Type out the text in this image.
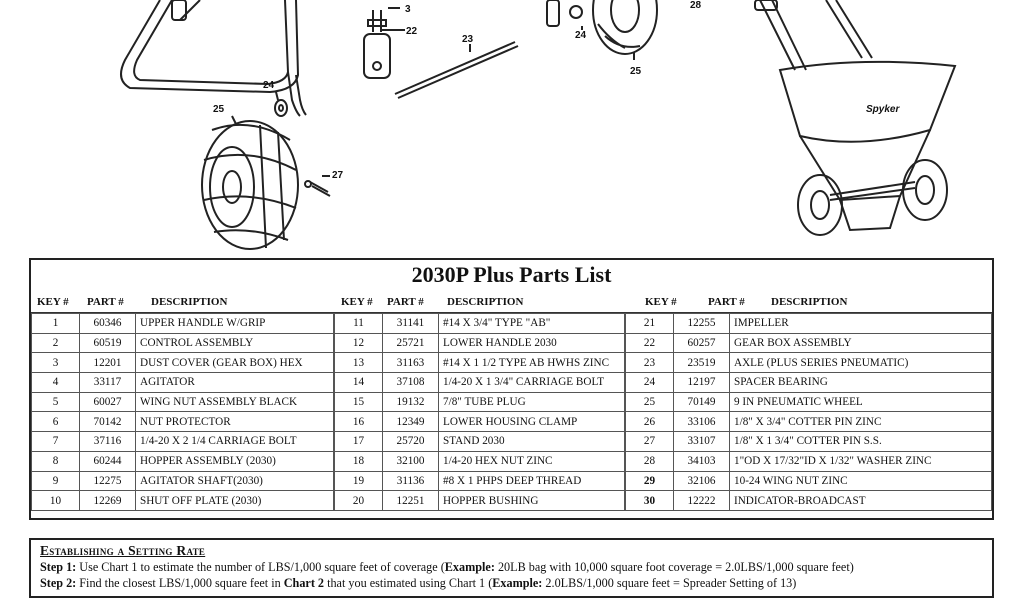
Spyker
3
22
23	24
24
25
25
27
28
2030P Plus Parts List
KEY # PART # DESCRIPTION	KEY # PART # DESCRIPTION	KEY #	PART # DESCRIPTION
1	60346	UPPER HANDLE W/GRIP
2	60519	CONTROL ASSEMBLY
3	12201	DUST COVER (GEAR BOX) HEX
4	33117	AGITATOR
5	60027	WING NUT ASSEMBLY BLACK
6	70142	NUT PROTECTOR
7	37116	1/4-20 X 2 1/4 CARRIAGE BOLT
8	60244	HOPPER ASSEMBLY (2030)
9	12275	AGITATOR SHAFT(2030)
10	12269	SHUT OFF PLATE (2030)
11	31141	#14 X 3/4" TYPE "AB"
12	25721	LOWER HANDLE 2030
13	31163	#14 X 1 1/2 TYPE AB HWHS ZINC
14	37108	1/4-20 X 1 3/4" CARRIAGE BOLT
15	19132	7/8" TUBE PLUG
16	12349	LOWER HOUSING CLAMP
17	25720	STAND 2030
18	32100	1/4-20 HEX NUT ZINC
19	31136	#8 X 1 PHPS DEEP THREAD
20	12251	HOPPER BUSHING
21	12255	IMPELLER
22	60257	GEAR BOX ASSEMBLY
23	23519	AXLE (PLUS SERIES PNEUMATIC)
24	12197	SPACER BEARING
25	70149	9 IN PNEUMATIC WHEEL
26	33106	1/8" X 3/4" COTTER PIN ZINC
27	33107	1/8" X 1 3/4" COTTER PIN S.S.
28	34103	1"OD X 17/32"ID X 1/32" WASHER ZINC
29	32106	10-24 WING NUT ZINC
30	12222	INDICATOR-BROADCAST
Establishing a Setting Rate
Step 1: Use Chart 1 to estimate the number of LBS/1,000 square feet of coverage (Example: 20LB bag with 10,000 square foot coverage = 2.0LBS/1,000 square feet)
Step 2: Find the closest LBS/1,000 square feet in Chart 2 that you estimated using Chart 1 (Example: 2.0LBS/1,000 square feet = Spreader Setting of 13)
